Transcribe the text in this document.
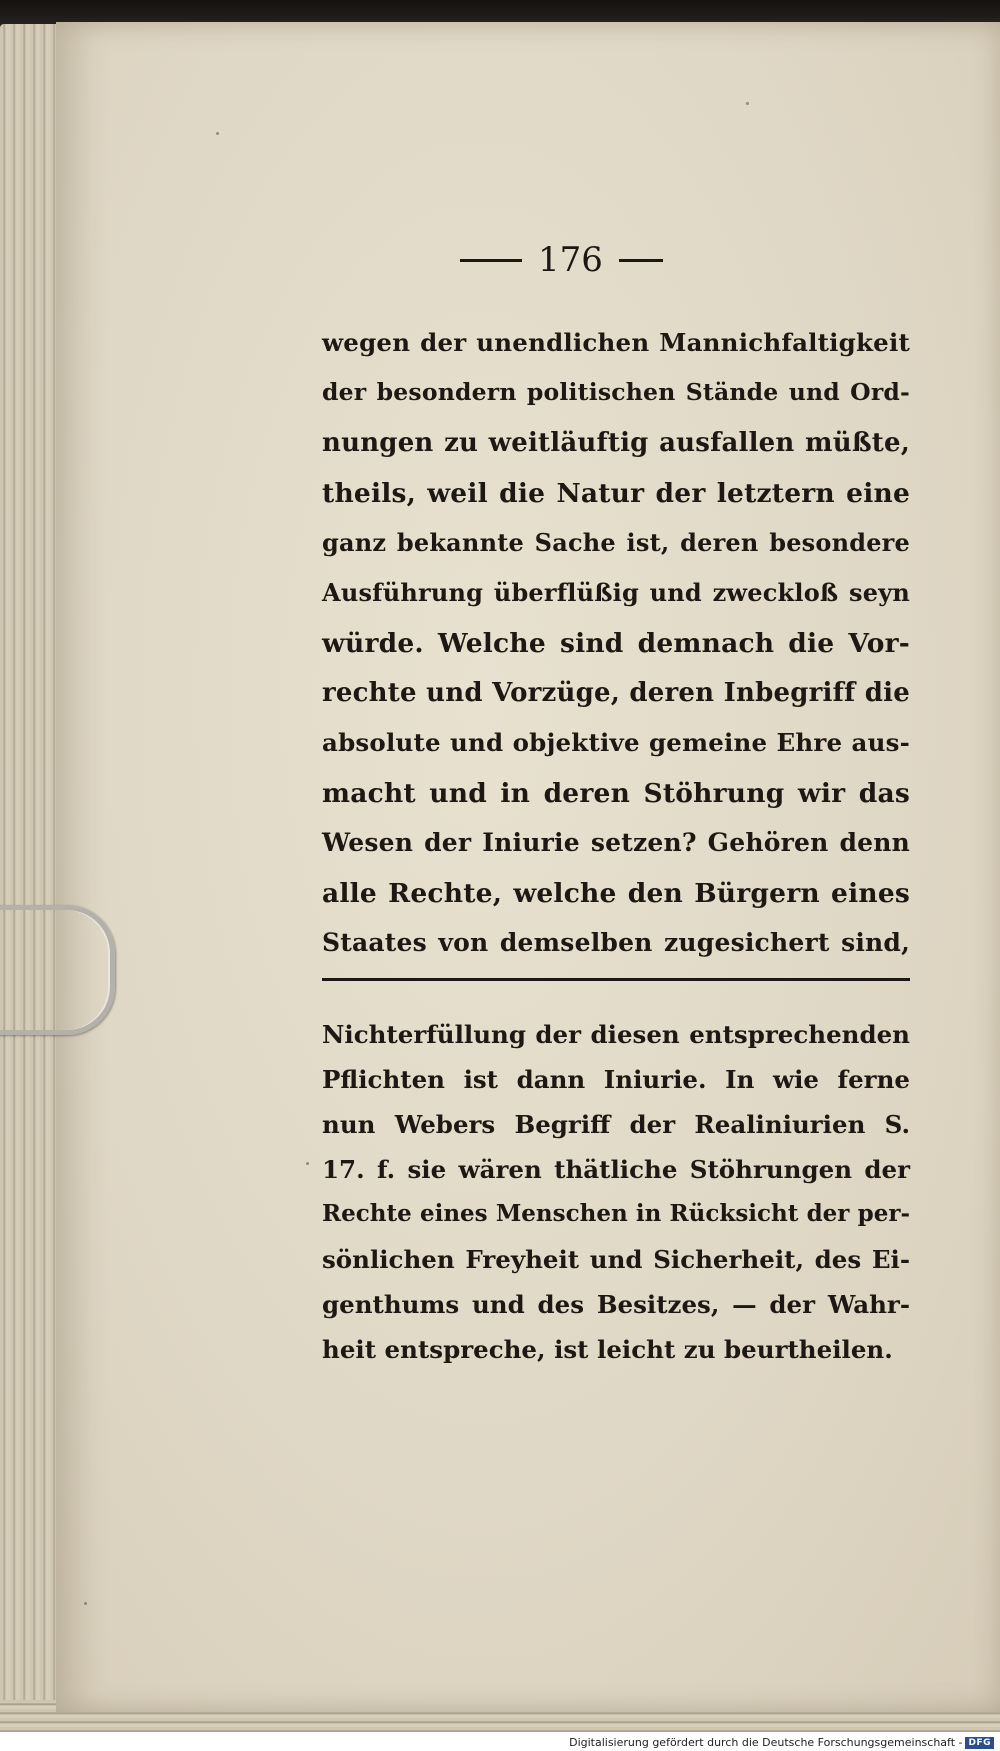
176
wegen der unendlichen Mannichfaltigkeit
der besondern politischen Stände und Ord-
nungen zu weitläuftig ausfallen müßte,
theils, weil die Natur der letztern eine
ganz bekannte Sache ist, deren besondere
Ausführung überflüßig und zweckloß seyn
würde. Welche sind demnach die Vor-
rechte und Vorzüge, deren Inbegriff die
absolute und objektive gemeine Ehre aus-
macht und in deren Stöhrung wir das
Wesen der Iniurie setzen? Gehören denn
alle Rechte, welche den Bürgern eines
Staates von demselben zugesichert sind,
Nichterfüllung der diesen entsprechenden
Pflichten ist dann Iniurie. In wie ferne
nun Webers Begriff der Realiniurien S.
17. f. sie wären thätliche Stöhrungen der
Rechte eines Menschen in Rücksicht der per-
sönlichen Freyheit und Sicherheit, des Ei-
genthums und des Besitzes, — der Wahr-
heit entspreche, ist leicht zu beurtheilen.
Digitalisierung gefördert durch die Deutsche Forschungsgemeinschaft - DFG
